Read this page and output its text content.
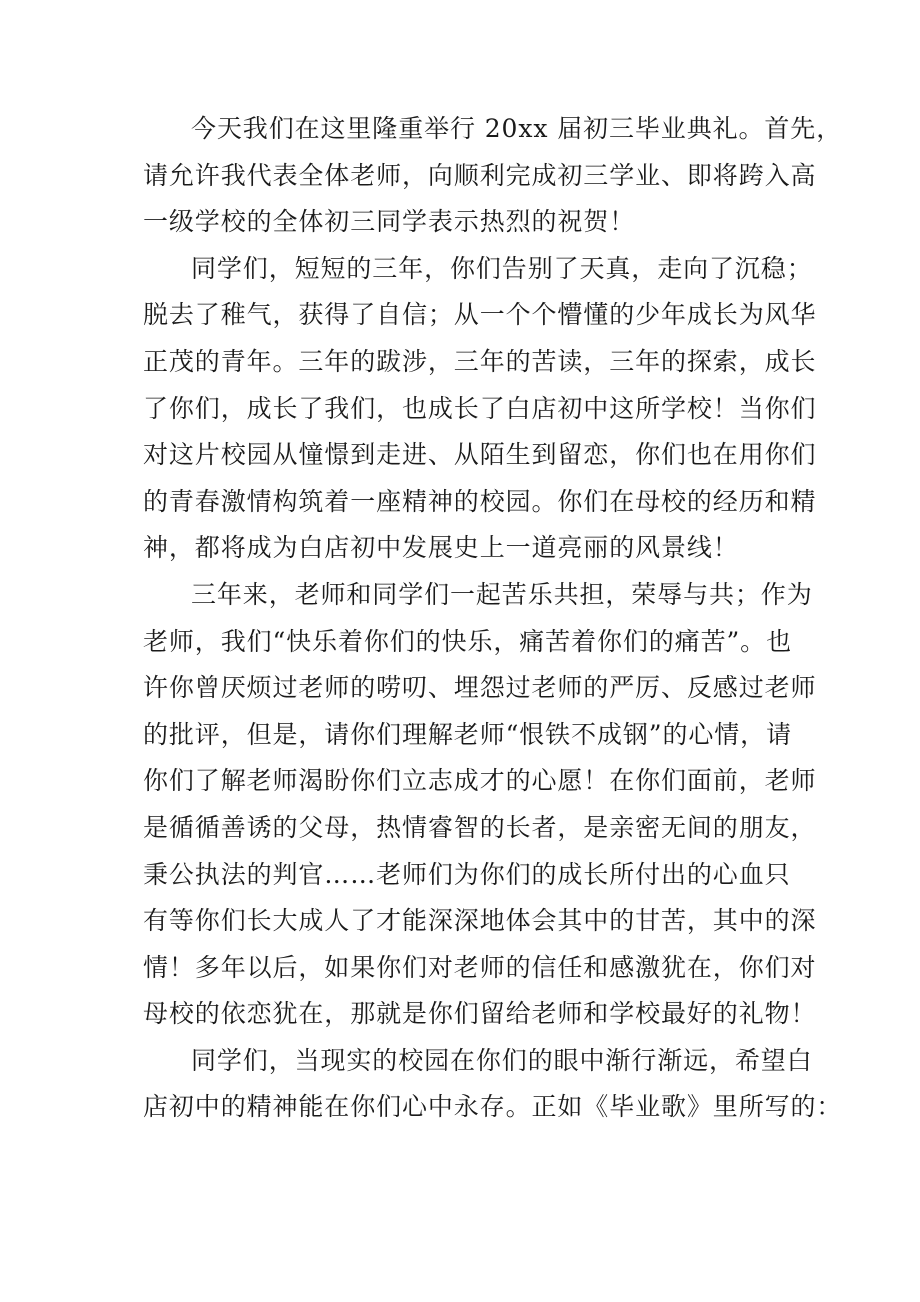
今天我们在这里隆重举行 20xx 届初三毕业典礼。首先，
请允许我代表全体老师，向顺利完成初三学业、即将跨入高
一级学校的全体初三同学表示热烈的祝贺！
同学们，短短的三年，你们告别了天真，走向了沉稳；
脱去了稚气，获得了自信；从一个个懵懂的少年成长为风华
正茂的青年。三年的跋涉，三年的苦读，三年的探索，成长
了你们，成长了我们，也成长了白店初中这所学校！当你们
对这片校园从憧憬到走进、从陌生到留恋，你们也在用你们
的青春激情构筑着一座精神的校园。你们在母校的经历和精
神，都将成为白店初中发展史上一道亮丽的风景线！
三年来，老师和同学们一起苦乐共担，荣辱与共；作为
老师，我们“快乐着你们的快乐，痛苦着你们的痛苦”。也
许你曾厌烦过老师的唠叨、埋怨过老师的严厉、反感过老师
的批评，但是，请你们理解老师“恨铁不成钢”的心情，请
你们了解老师渴盼你们立志成才的心愿！在你们面前，老师
是循循善诱的父母，热情睿智的长者，是亲密无间的朋友，
秉公执法的判官……老师们为你们的成长所付出的心血只
有等你们长大成人了才能深深地体会其中的甘苦，其中的深
情！多年以后，如果你们对老师的信任和感激犹在，你们对
母校的依恋犹在，那就是你们留给老师和学校最好的礼物！
同学们，当现实的校园在你们的眼中渐行渐远，希望白
店初中的精神能在你们心中永存。正如《毕业歌》里所写的：
